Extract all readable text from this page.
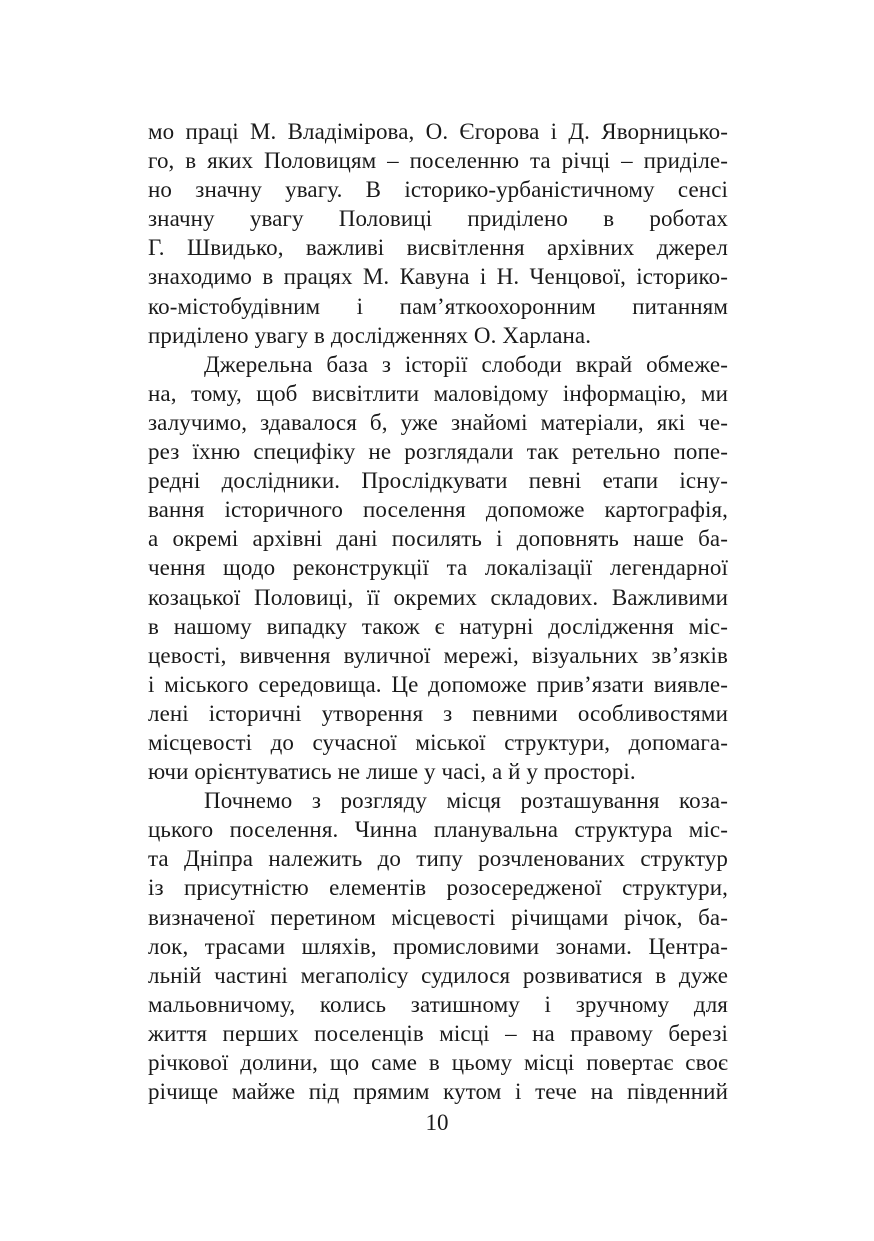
мо праці М. Владімірова, О. Єгорова і Д. Яворницько-
го, в яких Половицям – поселенню та річці – приділе-
но значну увагу. В історико-урбаністичному сенсі
значну увагу Половиці приділено в роботах
Г. Швидько, важливі висвітлення архівних джерел
знаходимо в працях М. Кавуна і Н. Ченцової, історико-
ко-містобудівним і пам’яткоохоронним питанням
приділено увагу в дослідженнях О. Харлана.
Джерельна база з історії слободи вкрай обмеже-
на, тому, щоб висвітлити маловідому інформацію, ми
залучимо, здавалося б, уже знайомі матеріали, які че-
рез їхню специфіку не розглядали так ретельно попе-
редні дослідники. Прослідкувати певні етапи існу-
вання історичного поселення допоможе картографія,
а окремі архівні дані посилять і доповнять наше ба-
чення щодо реконструкції та локалізації легендарної
козацької Половиці, її окремих складових. Важливими
в нашому випадку також є натурні дослідження міс-
цевості, вивчення вуличної мережі, візуальних зв’язків
і міського середовища. Це допоможе прив’язати виявле-
лені історичні утворення з певними особливостями
місцевості до сучасної міської структури, допомага-
ючи орієнтуватись не лише у часі, а й у просторі.
Почнемо з розгляду місця розташування коза-
цького поселення. Чинна планувальна структура міс-
та Дніпра належить до типу розчленованих структур
із присутністю елементів розосередженої структури,
визначеної перетином місцевості річищами річок, ба-
лок, трасами шляхів, промисловими зонами. Центра-
льній частині мегаполісу судилося розвиватися в дуже
мальовничому, колись затишному і зручному для
життя перших поселенців місці – на правому березі
річкової долини, що саме в цьому місці повертає своє
річище майже під прямим кутом і тече на південний
10
